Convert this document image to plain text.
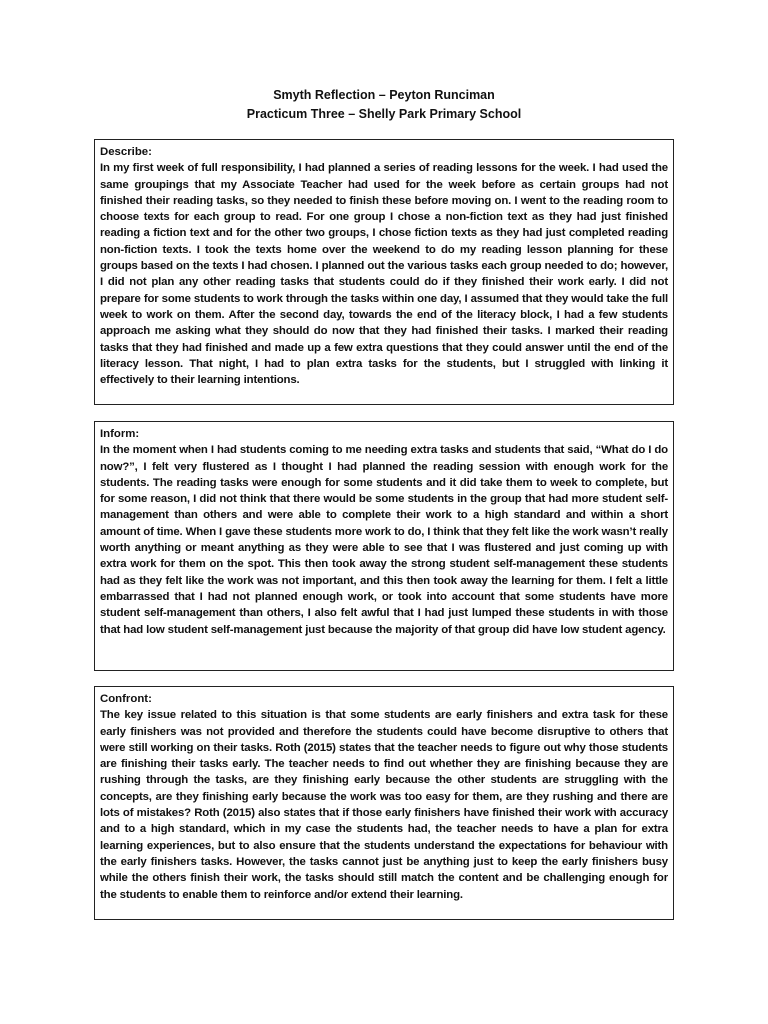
Smyth Reflection – Peyton Runciman
Practicum Three – Shelly Park Primary School
Describe:
In my first week of full responsibility, I had planned a series of reading lessons for the week. I had used the same groupings that my Associate Teacher had used for the week before as certain groups had not finished their reading tasks, so they needed to finish these before moving on. I went to the reading room to choose texts for each group to read. For one group I chose a non-fiction text as they had just finished reading a fiction text and for the other two groups, I chose fiction texts as they had just completed reading non-fiction texts. I took the texts home over the weekend to do my reading lesson planning for these groups based on the texts I had chosen. I planned out the various tasks each group needed to do; however, I did not plan any other reading tasks that students could do if they finished their work early. I did not prepare for some students to work through the tasks within one day, I assumed that they would take the full week to work on them. After the second day, towards the end of the literacy block, I had a few students approach me asking what they should do now that they had finished their tasks. I marked their reading tasks that they had finished and made up a few extra questions that they could answer until the end of the literacy lesson. That night, I had to plan extra tasks for the students, but I struggled with linking it effectively to their learning intentions.
Inform:
In the moment when I had students coming to me needing extra tasks and students that said, “What do I do now?”, I felt very flustered as I thought I had planned the reading session with enough work for the students. The reading tasks were enough for some students and it did take them to week to complete, but for some reason, I did not think that there would be some students in the group that had more student self-management than others and were able to complete their work to a high standard and within a short amount of time. When I gave these students more work to do, I think that they felt like the work wasn’t really worth anything or meant anything as they were able to see that I was flustered and just coming up with extra work for them on the spot. This then took away the strong student self-management these students had as they felt like the work was not important, and this then took away the learning for them. I felt a little embarrassed that I had not planned enough work, or took into account that some students have more student self-management than others, I also felt awful that I had just lumped these students in with those that had low student self-management just because the majority of that group did have low student agency.
Confront:
The key issue related to this situation is that some students are early finishers and extra task for these early finishers was not provided and therefore the students could have become disruptive to others that were still working on their tasks. Roth (2015) states that the teacher needs to figure out why those students are finishing their tasks early. The teacher needs to find out whether they are finishing because they are rushing through the tasks, are they finishing early because the other students are struggling with the concepts, are they finishing early because the work was too easy for them, are they rushing and there are lots of mistakes? Roth (2015) also states that if those early finishers have finished their work with accuracy and to a high standard, which in my case the students had, the teacher needs to have a plan for extra learning experiences, but to also ensure that the students understand the expectations for behaviour with the early finishers tasks. However, the tasks cannot just be anything just to keep the early finishers busy while the others finish their work, the tasks should still match the content and be challenging enough for the students to enable them to reinforce and/or extend their learning.
